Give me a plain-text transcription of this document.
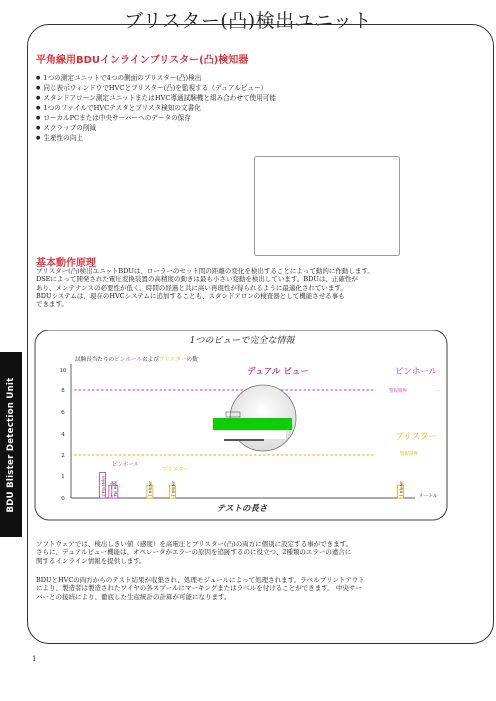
ブリスター(凸)検出ユニット
平角線用BDUインラインブリスター(凸)検知器
● 1つの測定ユニットで4つの側面のブリスター(凸)検出
● 同じ表示ウィンドウでHVCとブリスター(凸)を監視する（デュアルビュー）
● スタンドアローン測定ユニットまたはHVC導通試験機と組み合わせて使用可能
● 1つのファイルでHVCテスタとブリスタ検知の文書化
● ローカルPCまたは中央サーバーへのデータの保存
● スクラップの削減
● 生産性の向上
基本動作原理
ブリスター(凸)検出ユニットBDUは、ローラーのセット間の距離の変化を検出することによって動的に作動します。
DSEによって開発された電圧変換装置の高精度の動きは最も小さい変動を検出しています。BDUは、正確性が
あり、メンテナンスの必要性が低く、時間の経過と共に高い再現性が得られるように最適化されています。
BDUシステムは、現在のHVCシステムに追加することも、スタンドアロンの検査器として機能させる事も
できます。
BDU Blister Detection Unit
1つのビューで完全な情報
試験長当たりのピンホールおよびブリスターの数
10
8
6
4
2
1
0
デュアル ビュー	ピンホール
警報限界	-
ブリスター
警報限界
ピンホール
ブリスター
2 Pin Holes Pin Hole	1 Blister	1 Blister	1 Blister
テストの長さ
メートル
ソフトウェアでは、検出しきい値（感度）を高電圧とブリスター(凸)の両方に個別に設定する事ができます。
さらに、デュアルビュー機能は、オペレータがエラーの原因を追跡するのに役立つ、2種類のエラーの違合に
関するインライン情報を提供します。
BDUとHVCの両方からのテスト結果が収集され、処理モジュールによって処理されます。ラベルプリントアウト
により、製造者は製造されたワイヤの各スプールにマーキングまたはラベルを付けることができます。 中央サー
バーとの接続により、徹底した生産統計の計算が可能になります。
1
